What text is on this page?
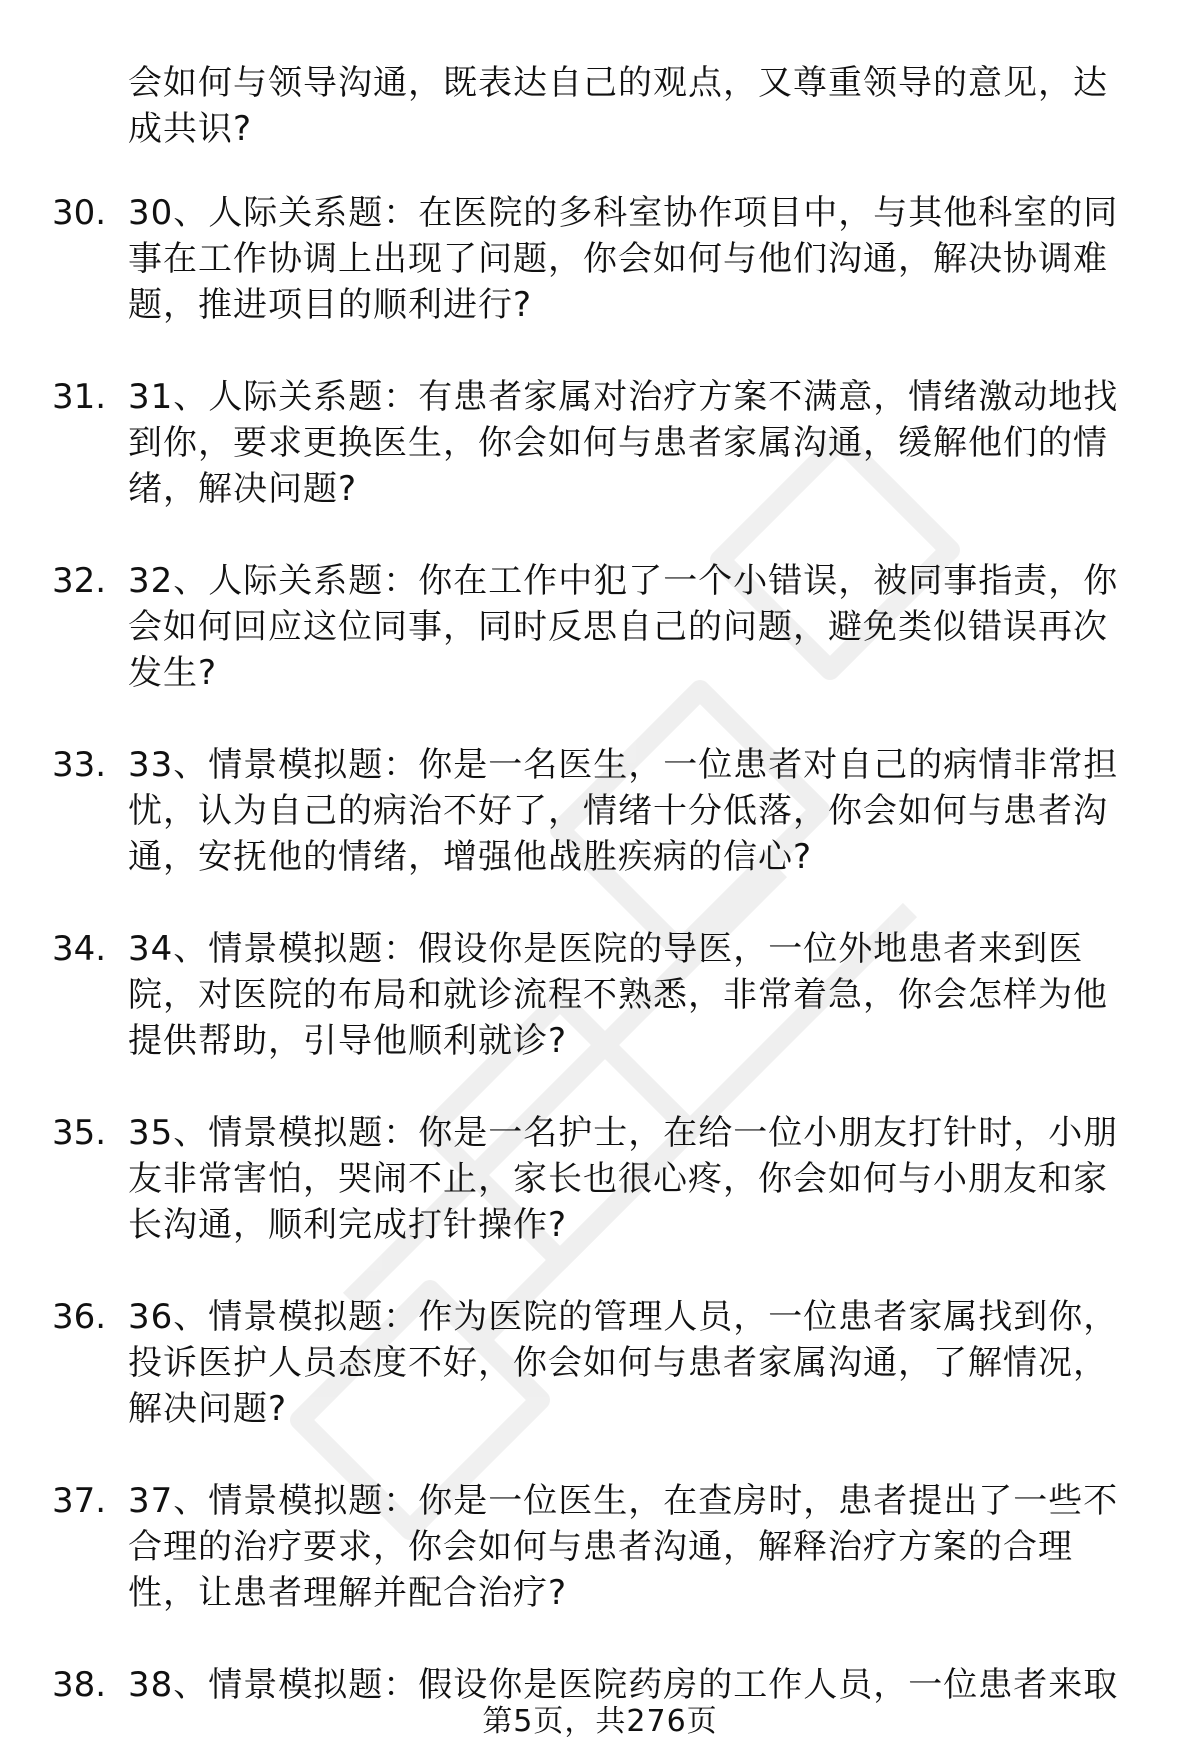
会如何与领导沟通，既表达自己的观点，又尊重领导的意见，达成共识?
30. 30、人际关系题：在医院的多科室协作项目中，与其他科室的同事在工作协调上出现了问题，你会如何与他们沟通，解决协调难题，推进项目的顺利进行?
31. 31、人际关系题：有患者家属对治疗方案不满意，情绪激动地找到你，要求更换医生，你会如何与患者家属沟通，缓解他们的情绪，解决问题?
32. 32、人际关系题：你在工作中犯了一个小错误，被同事指责，你会如何回应这位同事，同时反思自己的问题，避免类似错误再次发生?
33. 33、情景模拟题：你是一名医生，一位患者对自己的病情非常担忧，认为自己的病治不好了，情绪十分低落，你会如何与患者沟通，安抚他的情绪，增强他战胜疾病的信心?
34. 34、情景模拟题：假设你是医院的导医，一位外地患者来到医院，对医院的布局和就诊流程不熟悉，非常着急，你会怎样为他提供帮助，引导他顺利就诊?
35. 35、情景模拟题：你是一名护士，在给一位小朋友打针时，小朋友非常害怕，哭闹不止，家长也很心疼，你会如何与小朋友和家长沟通，顺利完成打针操作?
36. 36、情景模拟题：作为医院的管理人员，一位患者家属找到你，投诉医护人员态度不好，你会如何与患者家属沟通，了解情况，解决问题?
37. 37、情景模拟题：你是一位医生，在查房时，患者提出了一些不合理的治疗要求，你会如何与患者沟通，解释治疗方案的合理性，让患者理解并配合治疗?
38. 38、情景模拟题：假设你是医院药房的工作人员，一位患者来取
第5页，共276页
